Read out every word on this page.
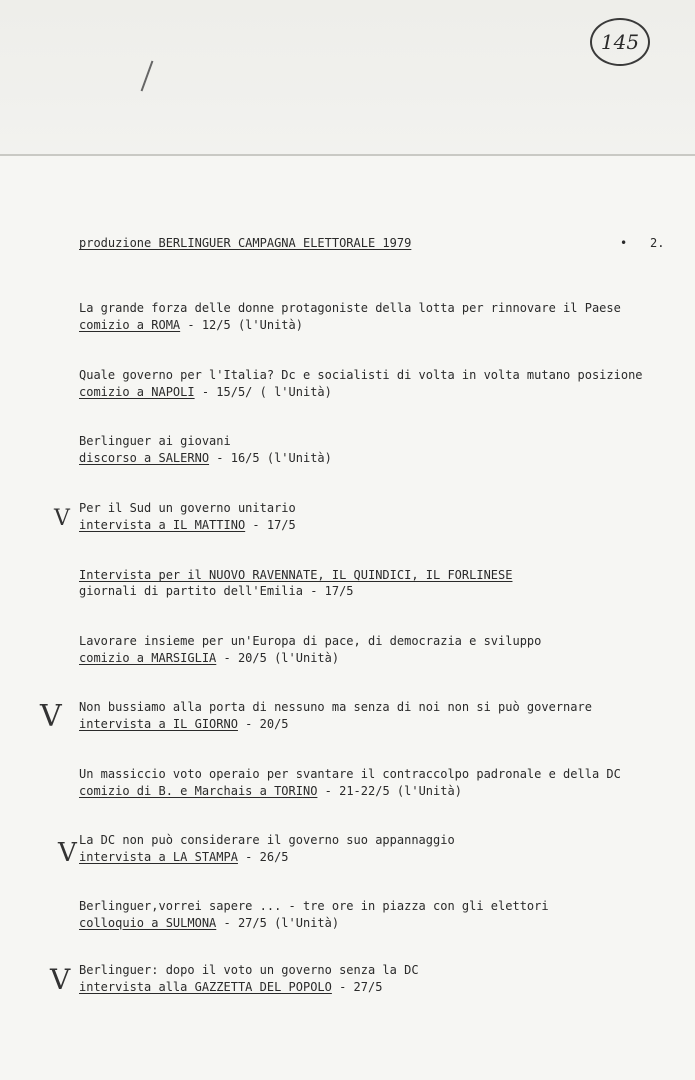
145
produzione BERLINGUER CAMPAGNA ELETTORALE 1979	2.
•
La grande forza delle donne protagoniste della lotta per rinnovare il Paese
comizio a ROMA - 12/5 (l'Unità)
Quale governo per l'Italia? Dc e socialisti di volta in volta mutano posizione
comizio a NAPOLI - 15/5/ ( l'Unità)
Berlinguer ai giovani
discorso a SALERNO - 16/5 (l'Unità)
V Per il Sud un governo unitario
intervista a IL MATTINO - 17/5
Intervista per il NUOVO RAVENNATE, IL QUINDICI, IL FORLINESE
giornali di partito dell'Emilia - 17/5
Lavorare insieme per un'Europa di pace, di democrazia e sviluppo
comizio a MARSIGLIA - 20/5 (l'Unità)
V Non bussiamo alla porta di nessuno ma senza di noi non si può governare
intervista a IL GIORNO - 20/5
Un massiccio voto operaio per svantare il contraccolpo padronale e della DC
comizio di B. e Marchais a TORINO - 21-22/5 (l'Unità)
V La DC non può considerare il governo suo appannaggio
intervista a LA STAMPA - 26/5
Berlinguer,vorrei sapere ... - tre ore in piazza con gli elettori
colloquio a SULMONA - 27/5 (l'Unità)
V Berlinguer: dopo il voto un governo senza la DC
intervista alla GAZZETTA DEL POPOLO - 27/5
